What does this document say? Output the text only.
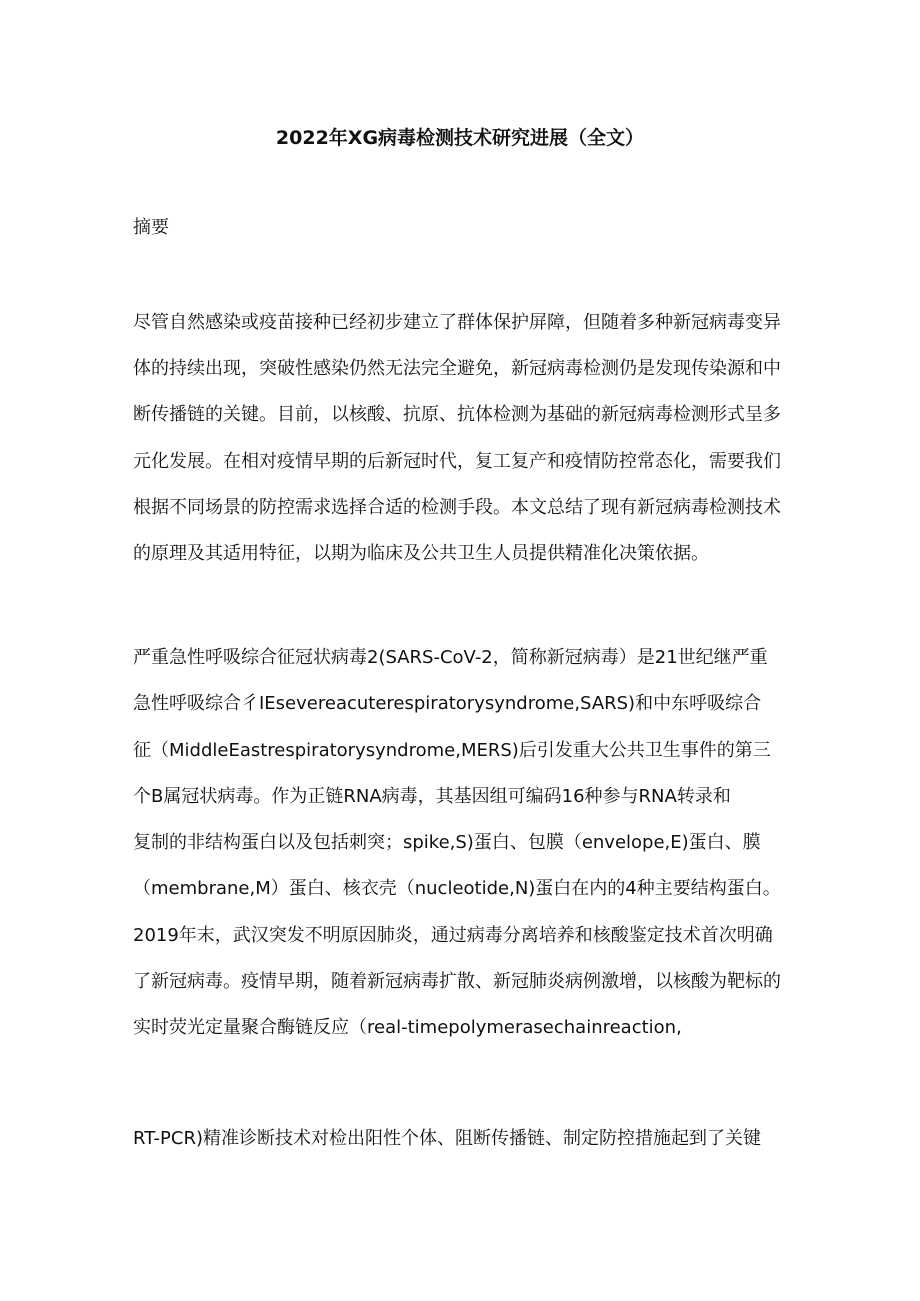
2022年XG病毒检测技术研究进展（全文）
摘要
尽管自然感染或疫苗接种已经初步建立了群体保护屏障，但随着多种新冠病毒变异
体的持续出现，突破性感染仍然无法完全避免，新冠病毒检测仍是发现传染源和中
断传播链的关键。目前，以核酸、抗原、抗体检测为基础的新冠病毒检测形式呈多
元化发展。在相对疫情早期的后新冠时代，复工复产和疫情防控常态化，需要我们
根据不同场景的防控需求选择合适的检测手段。本文总结了现有新冠病毒检测技术
的原理及其适用特征，以期为临床及公共卫生人员提供精准化决策依据。
严重急性呼吸综合征冠状病毒2(SARS-CoV-2，简称新冠病毒）是21世纪继严重
急性呼吸综合彳IEsevereacuterespiratorysyndrome,SARS)和中东呼吸综合
征（MiddleEastrespiratorysyndrome,MERS)后引发重大公共卫生事件的第三
个B属冠状病毒。作为正链RNA病毒，其基因组可编码16种参与RNA转录和
复制的非结构蛋白以及包括刺突；spike,S)蛋白、包膜（envelope,E)蛋白、膜
（membrane,M）蛋白、核衣壳（nucleotide,N)蛋白在内的4种主要结构蛋白。
2019年末，武汉突发不明原因肺炎，通过病毒分离培养和核酸鉴定技术首次明确
了新冠病毒。疫情早期，随着新冠病毒扩散、新冠肺炎病例激增，以核酸为靶标的
实时荧光定量聚合酶链反应（real-timepolymerasechainreaction,
RT-PCR)精准诊断技术对检出阳性个体、阻断传播链、制定防控措施起到了关键
